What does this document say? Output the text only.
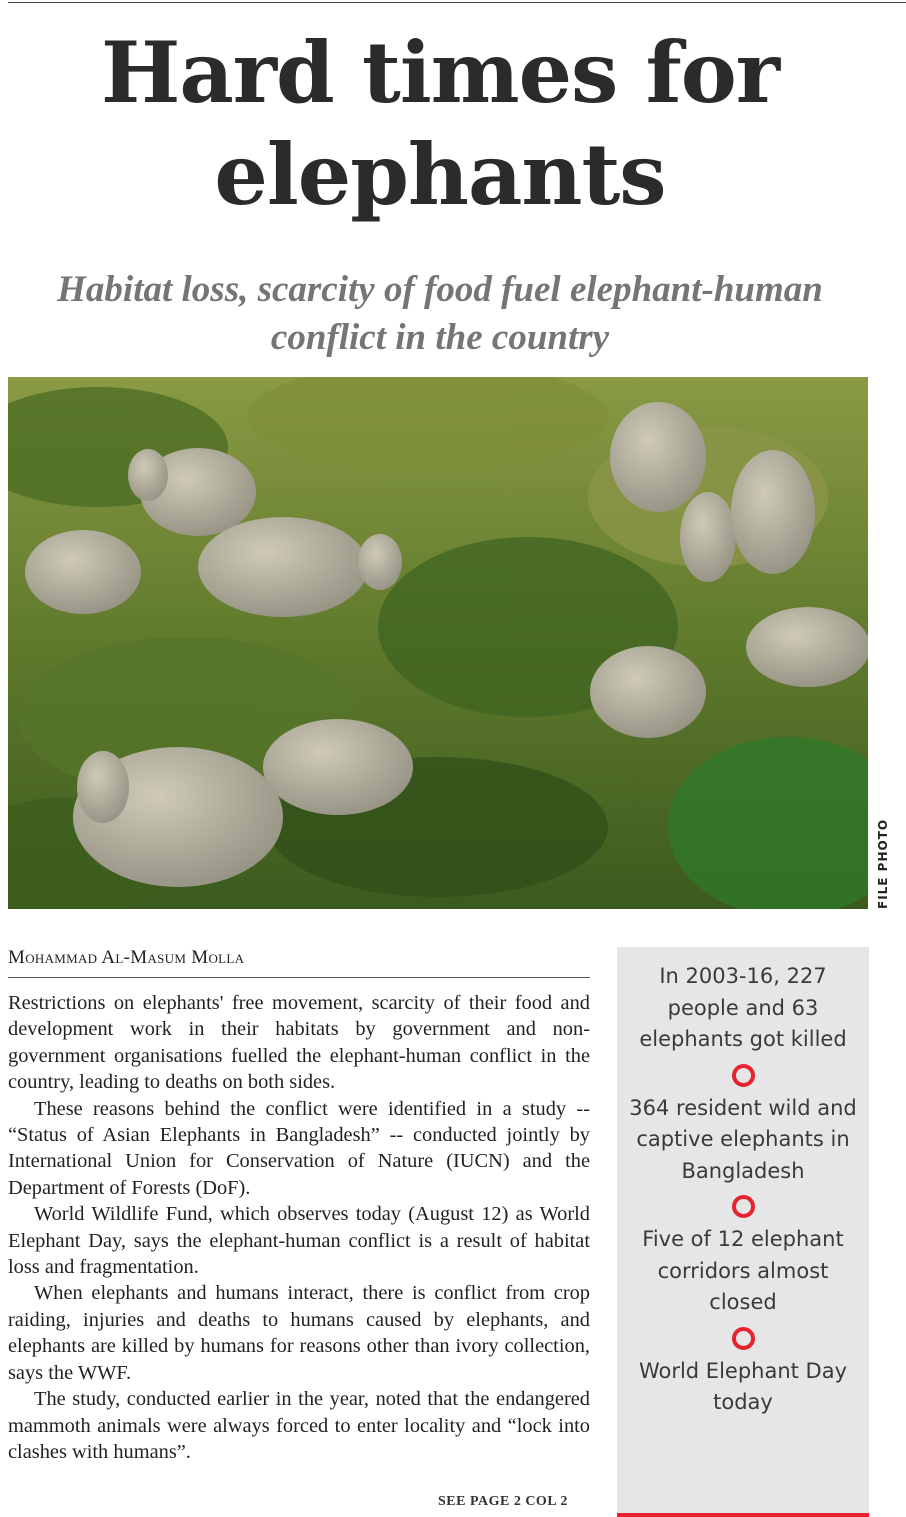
Hard times for elephants
Habitat loss, scarcity of food fuel elephant-human conflict in the country
FILE PHOTO
Mohammad Al-Masum Molla

Restrictions on elephants' free movement, scarcity of their food and development work in their habitats by government and non-government organisations fuelled the elephant-human conflict in the country, leading to deaths on both sides.

These reasons behind the conflict were identified in a study -- “Status of Asian Elephants in Bangladesh” -- conducted jointly by International Union for Conservation of Nature (IUCN) and the Department of Forests (DoF).

World Wildlife Fund, which observes today (August 12) as World Elephant Day, says the elephant-human conflict is a result of habitat loss and fragmentation.

When elephants and humans interact, there is conflict from crop raiding, injuries and deaths to humans caused by elephants, and elephants are killed by humans for reasons other than ivory collection, says the WWF.

The study, conducted earlier in the year, noted that the endangered mammoth animals were always forced to enter locality and “lock into clashes with humans”.

SEE PAGE 2 COL 2
In 2003-16, 227 people and 63 elephants got killed
364 resident wild and captive elephants in Bangladesh
Five of 12 elephant corridors almost closed
World Elephant Day today
